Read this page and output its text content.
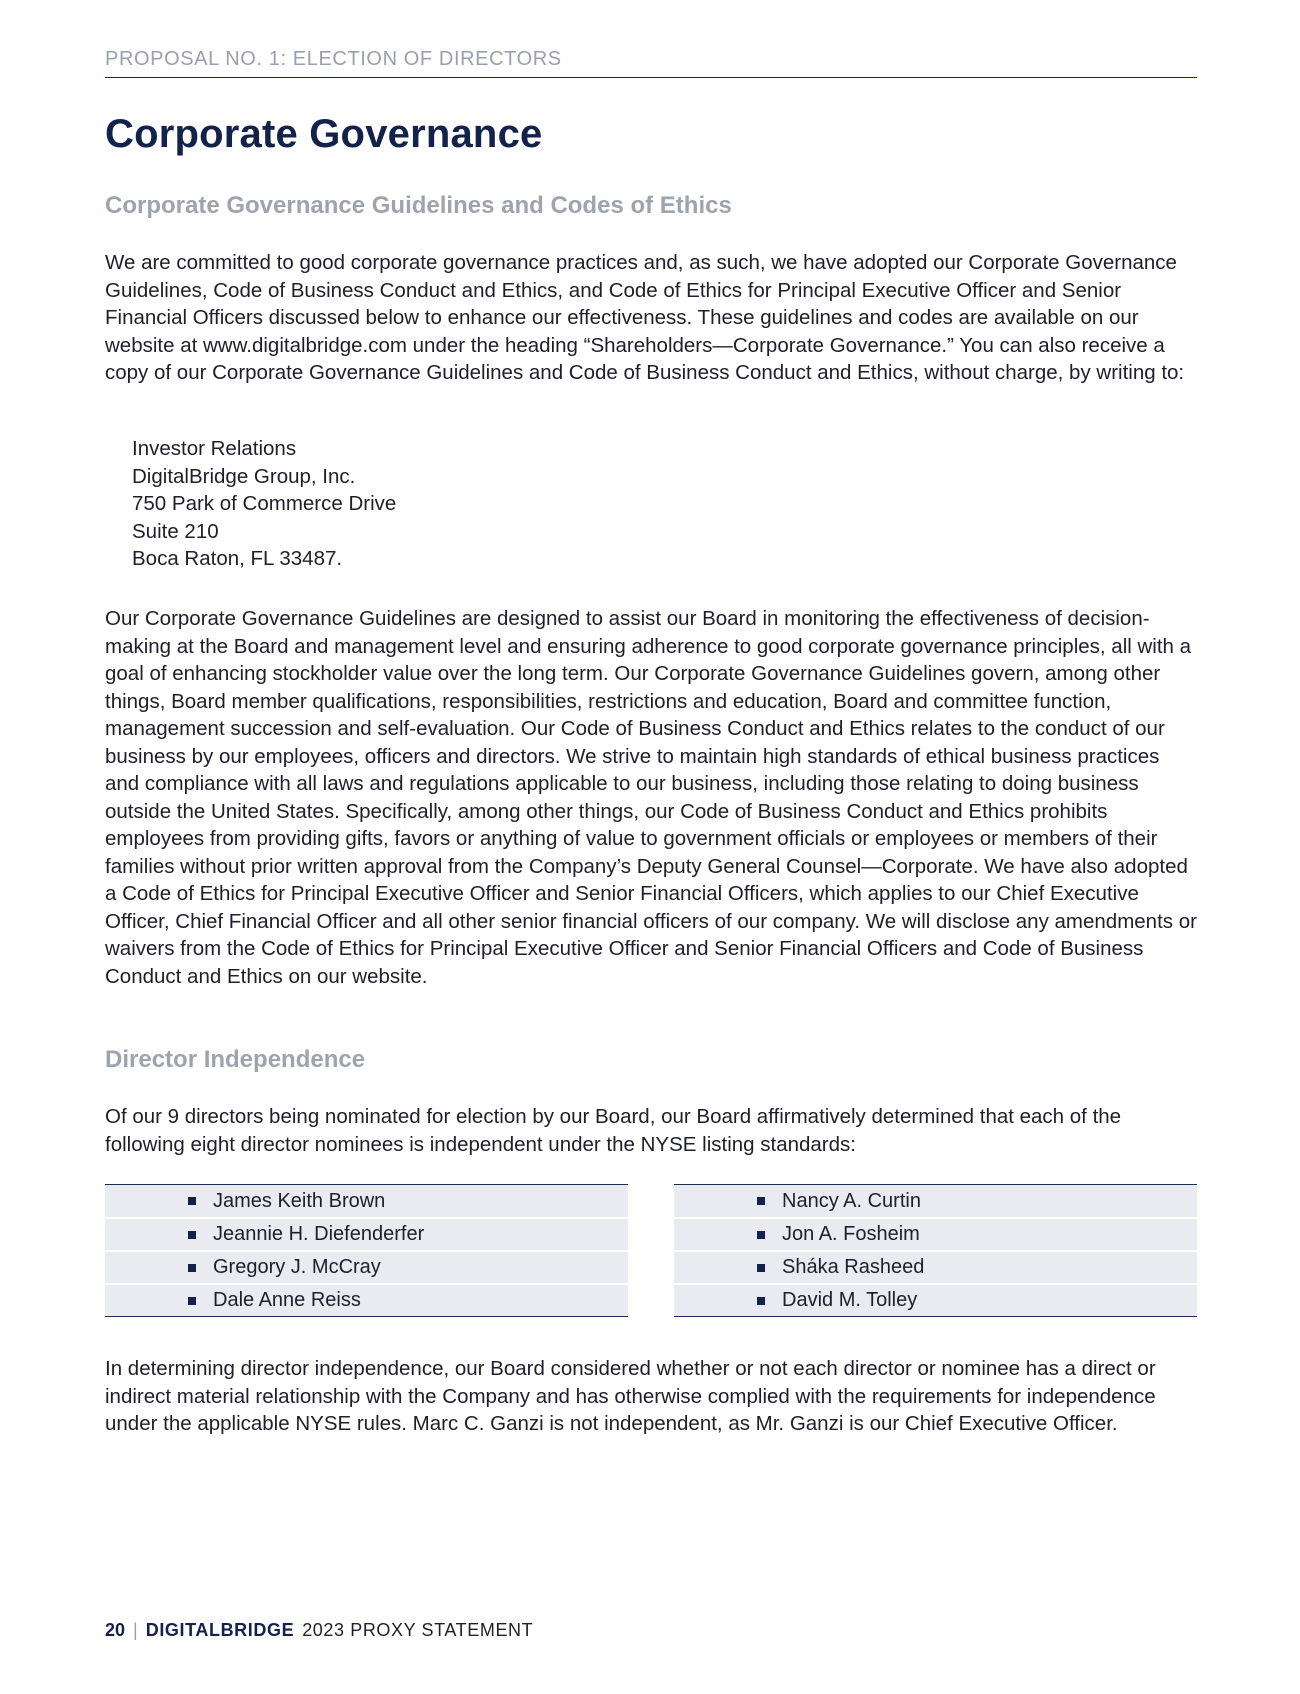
PROPOSAL NO. 1: ELECTION OF DIRECTORS
Corporate Governance
Corporate Governance Guidelines and Codes of Ethics

We are committed to good corporate governance practices and, as such, we have adopted our Corporate Governance Guidelines, Code of Business Conduct and Ethics, and Code of Ethics for Principal Executive Officer and Senior Financial Officers discussed below to enhance our effectiveness. These guidelines and codes are available on our website at www.digitalbridge.com under the heading “Shareholders—Corporate Governance.” You can also receive a copy of our Corporate Governance Guidelines and Code of Business Conduct and Ethics, without charge, by writing to:

Investor Relations
DigitalBridge Group, Inc.
750 Park of Commerce Drive
Suite 210
Boca Raton, FL 33487.

Our Corporate Governance Guidelines are designed to assist our Board in monitoring the effectiveness of decision-making at the Board and management level and ensuring adherence to good corporate governance principles, all with a goal of enhancing stockholder value over the long term. Our Corporate Governance Guidelines govern, among other things, Board member qualifications, responsibilities, restrictions and education, Board and committee function, management succession and self-evaluation. Our Code of Business Conduct and Ethics relates to the conduct of our business by our employees, officers and directors. We strive to maintain high standards of ethical business practices and compliance with all laws and regulations applicable to our business, including those relating to doing business outside the United States. Specifically, among other things, our Code of Business Conduct and Ethics prohibits employees from providing gifts, favors or anything of value to government officials or employees or members of their families without prior written approval from the Company’s Deputy General Counsel—Corporate. We have also adopted a Code of Ethics for Principal Executive Officer and Senior Financial Officers, which applies to our Chief Executive Officer, Chief Financial Officer and all other senior financial officers of our company. We will disclose any amendments or waivers from the Code of Ethics for Principal Executive Officer and Senior Financial Officers and Code of Business Conduct and Ethics on our website.

Director Independence

Of our 9 directors being nominated for election by our Board, our Board affirmatively determined that each of the following eight director nominees is independent under the NYSE listing standards:

James Keith Brown
Jeannie H. Diefenderfer
Gregory J. McCray
Dale Anne Reiss
Nancy A. Curtin
Jon A. Fosheim
Sháka Rasheed
David M. Tolley

In determining director independence, our Board considered whether or not each director or nominee has a direct or indirect material relationship with the Company and has otherwise complied with the requirements for independence under the applicable NYSE rules. Marc C. Ganzi is not independent, as Mr. Ganzi is our Chief Executive Officer.

20 | DIGITALBRIDGE 2023 PROXY STATEMENT
